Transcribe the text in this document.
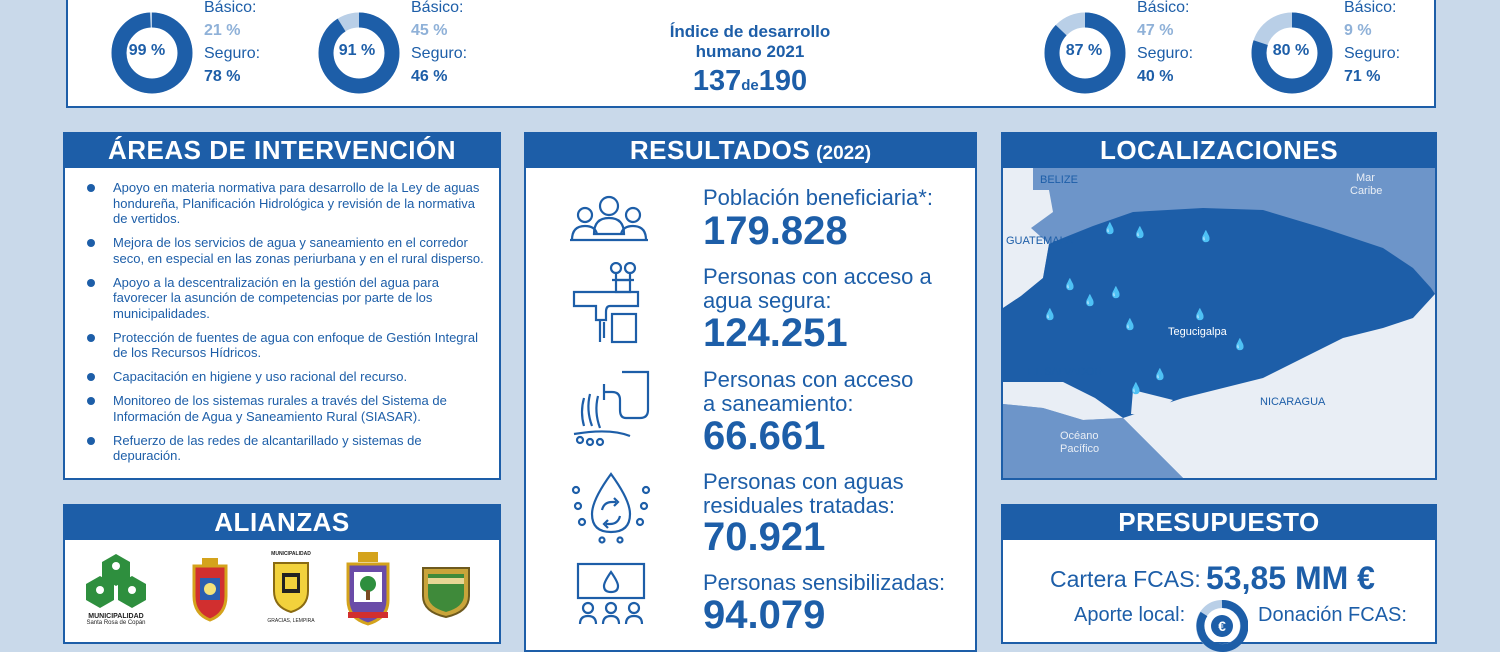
99 %
Básico:
21 %
Seguro:
78 %
91 %
Básico:
45 %
Seguro:
46 %
Índice de desarrollo
humano 2021
137de190
87 %
Básico:
47 %
Seguro:
40 %
80 %
Básico:
9 %
Seguro:
71 %
ÁREAS DE INTERVENCIÓN
Apoyo en materia normativa para desarrollo de la Ley de aguas hondureña, Planificación Hidrológica y revisión de la normativa de vertidos.
Mejora de los servicios de agua y saneamiento en el corredor seco, en especial en las zonas periurbana y en el rural disperso.
Apoyo a la descentralización en la gestión del agua para favorecer la asunción de competencias por parte de los municipalidades.
Protección de fuentes de agua con enfoque de Gestión Integral de los Recursos Hídricos.
Capacitación en higiene y uso racional del recurso.
Monitoreo de los sistemas rurales a través del Sistema de Información de Agua y Saneamiento Rural (SIASAR).
Refuerzo de las redes de alcantarillado y sistemas de depuración.
ALIANZAS
MUNICIPALIDAD
Santa Rosa de Copán
MUNICIPALIDAD
GRACIAS, LEMPIRA
RESULTADOS (2022)
Población beneficiaria*:
179.828
Personas con acceso a agua segura:
124.251
Personas con acceso a saneamiento:
66.661
Personas con aguas residuales tratadas:
70.921
Personas sensibilizadas:
94.079
LOCALIZACIONES
💧 💧	💧
💧
💧
💧
💧
💧
💧
💧
💧
💧
BELIZE	Mar
Caribe
GUATEMALA
Tegucigalpa
EL SALVADOR
NICARAGUA
Océano
Pacífico
PRESUPUESTO
Cartera FCAS: 53,85 MM €
Aporte local: € Donación FCAS:
